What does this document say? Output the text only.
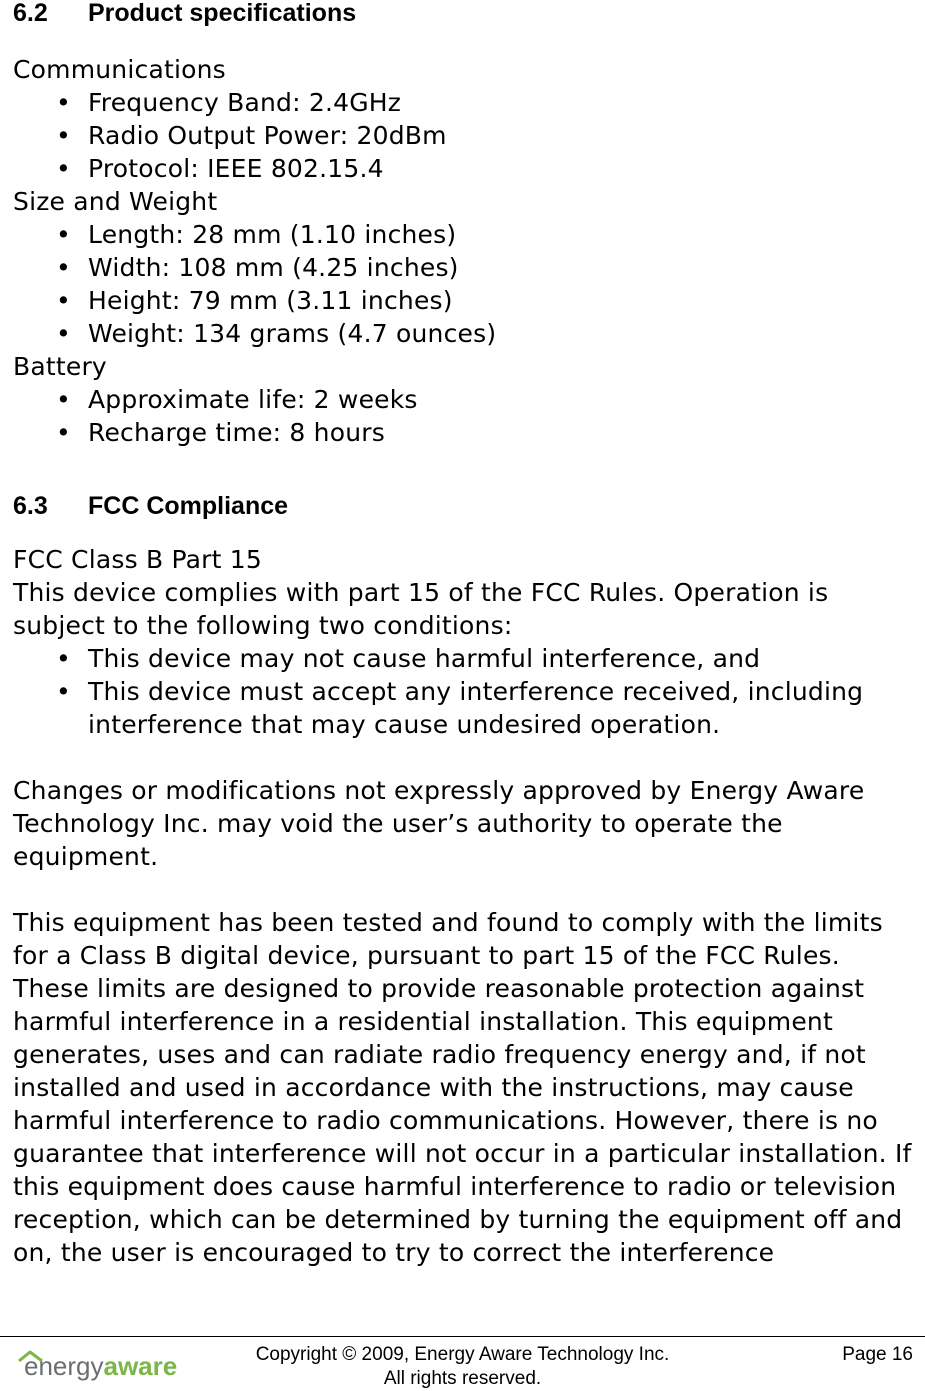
6.2 Product specifications

Communications

• Frequency Band: 2.4GHz
• Radio Output Power: 20dBm
• Protocol: IEEE 802.15.4

Size and Weight

• Length: 28 mm (1.10 inches)
• Width: 108 mm (4.25 inches)
• Height: 79 mm (3.11 inches)
• Weight: 134 grams (4.7 ounces)

Battery

• Approximate life: 2 weeks
• Recharge time: 8 hours
6.3 FCC Compliance

FCC Class B Part 15

This device complies with part 15 of the FCC Rules. Operation is subject to the following two conditions:

• This device may not cause harmful interference, and
• This device must accept any interference received, including interference that may cause undesired operation.

Changes or modifications not expressly approved by Energy Aware Technology Inc. may void the user’s authority to operate the equipment.

This equipment has been tested and found to comply with the limits for a Class B digital device, pursuant to part 15 of the FCC Rules. These limits are designed to provide reasonable protection against harmful interference in a residential installation. This equipment generates, uses and can radiate radio frequency energy and, if not installed and used in accordance with the instructions, may cause harmful interference to radio communications. However, there is no guarantee that interference will not occur in a particular installation. If this equipment does cause harmful interference to radio or television reception, which can be determined by turning the equipment off and on, the user is encouraged to try to correct the interference

energyaware	Copyright © 2009, Energy Aware Technology Inc.
All rights reserved.
Page 16
